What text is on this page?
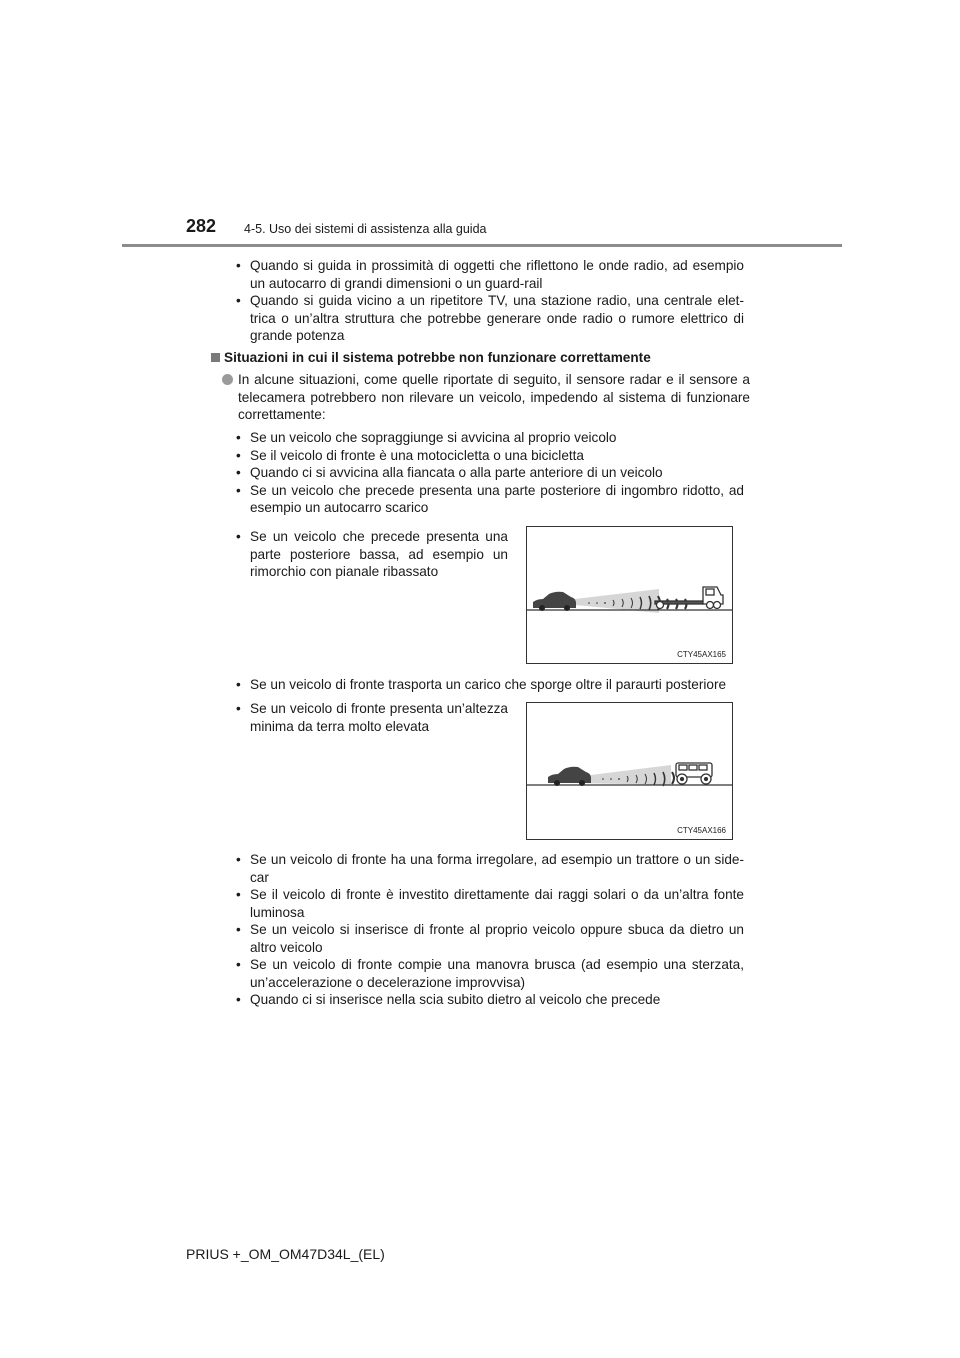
282 4-5. Uso dei sistemi di assistenza alla guida
• Quando si guida in prossimità di oggetti che riflettono le onde radio, ad esempio un autocarro di grandi dimensioni o un guard-rail
• Quando si guida vicino a un ripetitore TV, una stazione radio, una centrale elet-trica o un’altra struttura che potrebbe generare onde radio o rumore elettrico di grande potenza
Situazioni in cui il sistema potrebbe non funzionare correttamente
In alcune situazioni, come quelle riportate di seguito, il sensore radar e il sensore a telecamera potrebbero non rilevare un veicolo, impedendo al sistema di funzionare correttamente:
• Se un veicolo che sopraggiunge si avvicina al proprio veicolo
• Se il veicolo di fronte è una motocicletta o una bicicletta
• Quando ci si avvicina alla fiancata o alla parte anteriore di un veicolo
• Se un veicolo che precede presenta una parte posteriore di ingombro ridotto, ad esempio un autocarro scarico
• Se un veicolo che precede presenta una parte posteriore bassa, ad esempio un rimorchio con pianale ribassato
CTY45AX165
• Se un veicolo di fronte trasporta un carico che sporge oltre il paraurti posteriore
• Se un veicolo di fronte presenta un’altezza minima da terra molto elevata
CTY45AX166
• Se un veicolo di fronte ha una forma irregolare, ad esempio un trattore o un side-car
• Se il veicolo di fronte è investito direttamente dai raggi solari o da un’altra fonte luminosa
• Se un veicolo si inserisce di fronte al proprio veicolo oppure sbuca da dietro un altro veicolo
• Se un veicolo di fronte compie una manovra brusca (ad esempio una sterzata, un’accelerazione o decelerazione improvvisa)
• Quando ci si inserisce nella scia subito dietro al veicolo che precede
PRIUS +_OM_OM47D34L_(EL)
